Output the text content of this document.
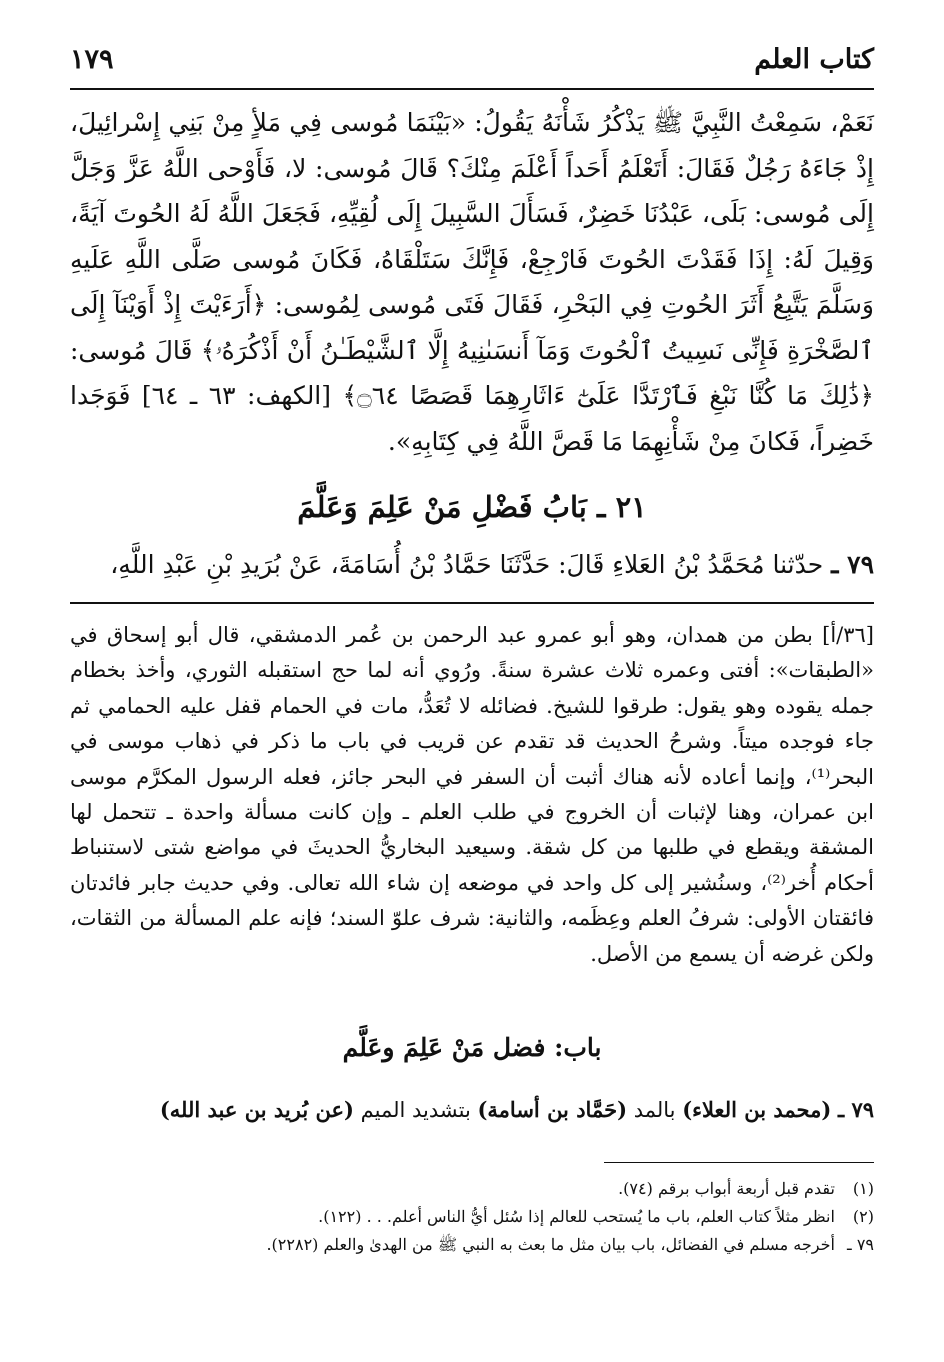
كتاب العلم
١٧٩

نَعَمْ، سَمِعْتُ النَّبِيَّ ﷺ يَذْكُرُ شَأْنَهُ يَقُولُ: «بَيْنَمَا مُوسى فِي مَلأٍ مِنْ بَنِي إِسْرائِيلَ، إِذْ جَاءَهُ رَجُلٌ فَقَالَ: أَتَعْلَمُ أَحَداً أَعْلَمَ مِنْكَ؟ قَالَ مُوسى: لا، فَأَوْحى اللَّهُ عَزَّ وَجَلَّ إِلَى مُوسى: بَلَى، عَبْدُنَا خَضِرٌ، فَسَأَلَ السَّبِيلَ إِلَى لُقِيِّهِ، فَجَعَلَ اللَّهُ لَهُ الحُوتَ آيَةً، وَقِيلَ لَهُ: إِذَا فَقَدْتَ الحُوتَ فَارْجِعْ، فَإِنَّكَ سَتَلْقَاهُ، فَكَانَ مُوسى صَلَّى اللَّهِ عَلَيهِ وَسَلَّمَ يَتَّبِعُ أَثَرَ الحُوتِ فِي البَحْرِ، فَقَالَ فَتَى مُوسى لِمُوسى: ﴿أَرَءَيْتَ إِذْ أَوَيْنَآ إِلَى ٱلصَّخْرَةِ فَإِنِّى نَسِيتُ ٱلْحُوتَ وَمَآ أَنسَىٰنِيهُ إِلَّا ٱلشَّيْطَـٰنُ أَنْ أَذْكُرَهُۥ﴾ قَالَ مُوسى: ﴿ذَٰلِكَ مَا كُنَّا نَبْغِ فَٱرْتَدَّا عَلَىٰٓ ءَاثَارِهِمَا قَصَصًا ۝٦٤﴾ [الكهف: ٦٣ ـ ٦٤] فَوَجَدا خَضِراً، فَكانَ مِنْ شَأْنِهِمَا مَا قَصَّ اللَّهُ فِي كِتَابِهِ».

٢١ ـ بَابُ فَضْلِ مَنْ عَلِمَ وَعَلَّمَ
٧٩ ـ حدّثنا مُحَمَّدُ بْنُ العَلاءِ قَالَ: حَدَّثَنَا حَمَّادُ بْنُ أُسَامَةَ، عَنْ بُرَيدِ بْنِ عَبْدِ اللَّهِ،

[٣٦/أ] بطن من همدان، وهو أبو عمرو عبد الرحمن بن عُمر الدمشقي، قال أبو إسحاق في «الطبقات»: أفتى وعمره ثلاث عشرة سنةً. ورُوي أنه لما حج استقبله الثوري، وأخذ بخطام جمله يقوده وهو يقول: طرقوا للشيخ. فضائله لا تُعَدُّ، مات في الحمام قفل عليه الحمامي ثم جاء فوجده ميتاً. وشرحُ الحديث قد تقدم عن قريب في باب ما ذكر في ذهاب موسى في البحر⁽¹⁾، وإنما أعاده لأنه هناك أثبت أن السفر في البحر جائز، فعله الرسول المكرَّم موسى ابن عمران، وهنا لإثبات أن الخروج في طلب العلم ـ وإن كانت مسألة واحدة ـ تتحمل لها المشقة ويقطع في طلبها من كل شقة. وسيعيد البخاريُّ الحديثَ في مواضع شتى لاستنباط أحكام أُخر⁽²⁾، وسنُشير إلى كل واحد في موضعه إن شاء الله تعالى. وفي حديث جابر فائدتان فائقتان الأولى: شرفُ العلم وعِظَمه، والثانية: شرف علوّ السند؛ فإنه علم المسألة من الثقات، ولكن غرضه أن يسمع من الأصل.

باب: فضل مَنْ عَلِمَ وعَلَّم
٧٩ ـ (محمد بن العلاء) بالمد (حَمَّاد بن أسامة) بتشديد الميم (عن بُريد بن عبد الله)
(١) تقدم قبل أربعة أبواب برقم (٧٤).
(٢) انظر مثلاً كتاب العلم، باب ما يُستحب للعالم إذا سُئل أيُّ الناس أعلم. . . (١٢٢).
٧٩ ـ أخرجه مسلم في الفضائل، باب بيان مثل ما بعث به النبي ﷺ من الهدىٰ والعلم (٢٢٨٢).
